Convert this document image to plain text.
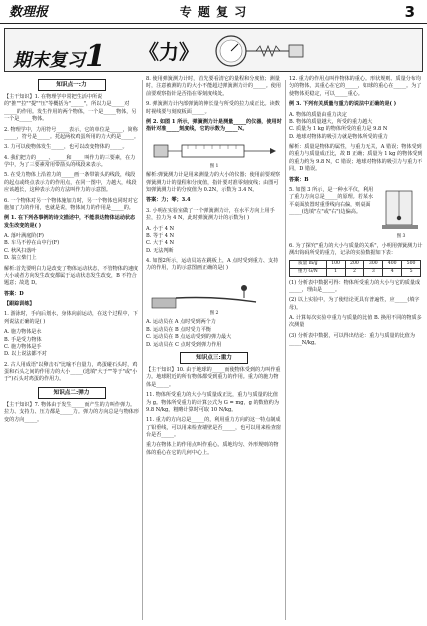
数理报	专 题 复 习	3
期末复习1 《力》
知识点一:力
【主干知识】1. 在物理学中常把生活中所说的"推""拉""提""压"等概括为"_____"，所以力是_____对_____的作用。发生作用的两个物体，一个是_____物体，另一个是_____物体。
2. 物理学中，力用符号_____表示，它的单位是_____，简称_____，符号是_____。托起两枚鸡蛋所用的力大约是_____。
3. 力可以使物体发生_____，也可以改变物体的_____。
4. 我们把力的_____、_____和_____叫作力的三要素，在力学中，为了三要素常用带箭头的线段来表示。
5. 在受力物体上沿着力的_____画一条带箭头的线段，线段的起点或终点表示力的作用点，在同一图中，力越大，线段应该越长，这种表示力的方法叫作力的示意图。
6. 一个物体对另一个物体施加力时，另一个物体也同时对它施加了力的作用，也就是说，物体间力的作用是_____的。
例 1. 在下列各事例的诗文描述中，不能表达物体运动状态发生改变的是( )
A. 落叶满庭阶(F)
B. 车马不停在山中行(F)
C. 秋风扫落叶
D. 翁立柴门上
解析:首先要明白力是改变了物体运动状态，不管物体的速度大小或者方向发生改变都属于运动状态发生改变，B 不符合题意；故选 D。
答案：D
【跟踪训练】
1. 游泳时，手向后划水，身体向前运动，在这个过程中，下列说法正确的是( )
A. 施力物体是水
B. 手是受力物体
C. 施力物体是手
D. 以上说法都不对
2. 古人用成语"以卵击石"比喻不自量力，鸡蛋碰石头时，鸡蛋和石头之间的作用力的大小_____(选填"大于""等于"或"小于")石头对鸡蛋的作用力。
知识点二:弹力
【主干知识】7. 物体由于发生_____而产生的力叫作弹力。拉力、支持力、压力都是_____力。弹力的方向总是与物体形变的方向_____。
8. 使用弹簧测力计时，首先要看清它的量程和分度值；测量时，注意被测的力的大小不能超过弹簧测力计的_____。使用前要观察指针是否指在零刻度线处。
9. 弹簧测力计内部弹簧的伸长量与所受的拉力成正比。读数时视线要与刻度板面_____。
例 2. 如图 1 所示，弹簧测力计是测量_____的仪器，使用时指针对准_____刻度线，它的示数为_____N。
图 1
解析:弹簧测力计是用来测量力的大小的仪器；使用前要观察弹簧测力计的量程和分度值，指针要对准零刻度线；由图可知弹簧测力计的分度值为 0.2N，示数为 3.4 N。
答案：力；零；3.4
3. 小明在实验室做了一个弹簧测力计，在水平方向上用手拉，拉力为 4 N，此时弹簧测力计的示数为( )
A. 小于 4 N
B. 等于 4 N
C. 大于 4 N
D. 无法判断
4. 如图2所示，运动员站在跳板上，A 点时受到重力、支持力的作用，力的示意图画正确的是( )
图 2
A. 运动员在 A 点时受到两个力
B. 运动员在 B 点时受力平衡
C. 运动员在 B 点运动受到的弹力最大
D. 运动员在 C 点时受到弹力作用
知识点三:重力
【主干知识】10. 由于地球的_____而使物体受到的力叫作重力。地球附近的所有物体都受到重力的作用。重力的施力物体是_____。
11. 物体所受重力的大小与质量成正比，重力与质量的比值为 g。物体所受重力的计算公式为 G = mg，g 的数值约为 9.8 N/kg，粗略计算时可取 10 N/kg。
11. 重力的方向总是_____的，利用重力方向的这一特点制成了铅垂线，可以用来检查墙壁是否_____，也可以用来检查窗台是否_____。
重力在物体上的作用点叫作重心。质地均匀、外形规则的物体的重心在它的几何中心上。
12. 重力的作用点叫作物体的重心。形状规则、质量分布均匀的物体，其重心在它的_____，如球的重心在_____。为了使物体更稳定，可以_____重心。
例 3. 下列有关质量与重力的说法中正确的是( )
A. 物体的质量由重力决定
B. 物体的质量越大，所受的重力越大
C. 质量为 1 kg 的物体所受的重力是 9.8 N
D. 地球对物体的吸引力就是物体所受的重力
解析：质量是物体的属性，与重力无关，A 错误；物体受到的重力与质量成正比，故 B 正确；质量为 1 kg 的物体受到的重力约为 9.8 N，C 错误；地球对物体的吸引力与重力不同，D 错误。
答案：B
5. 如图 3 所示，是一种水平仪，利用了重力方向总是_____的原理。若某水平桌面放置时重垂线向右偏，则桌面_____(选填"左"或"右")边偏高。
图 3
6. 为了探究"重力的大小与质量的关系"，小明用弹簧测力计测出钩码所受的重力，记录的实验数据如下表：
质量 m/g	100	200	300	400	500
重力 G/N	1	2	3	4	5
(1) 分析表中数据可得：物体所受重力的大小与它的质量成_____，理由是_____。
(2) 以上实验中，为了使结论更具有普遍性，应_____(填字母)。
A. 计算每次实验中重力与质量的比值 B. 换用不同的物质多次测量
(3) 分析表中数据，可以得出结论：重力与质量的比值为_____N/kg。
